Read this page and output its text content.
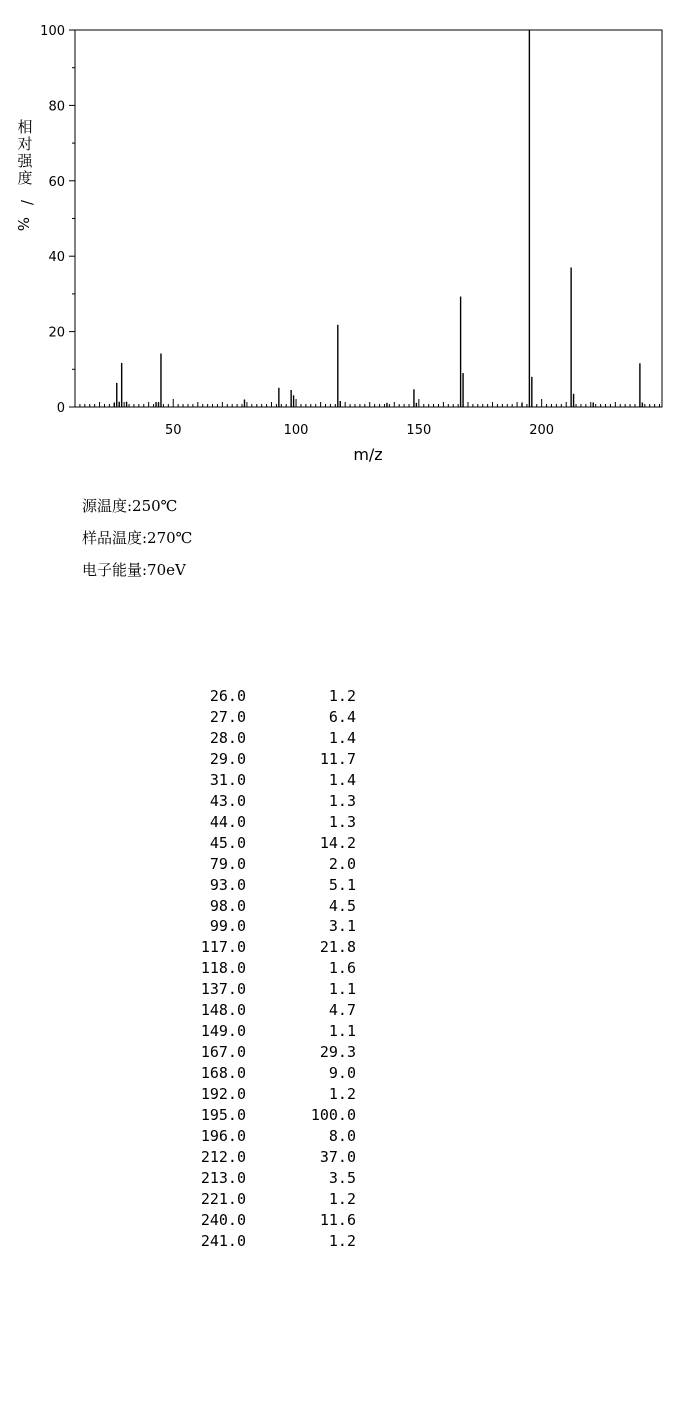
0
20
40
60
80
100
50	100	150	200
m/z
相对强度/ %
源温度:250℃
样品温度:270℃
电子能量:70eV
26.0	1.2
27.0	6.4
28.0	1.4
29.0	11.7
31.0	1.4
43.0	1.3
44.0	1.3
45.0	14.2
79.0	2.0
93.0	5.1
98.0	4.5
99.0	3.1
117.0	21.8
118.0	1.6
137.0	1.1
148.0	4.7
149.0	1.1
167.0	29.3
168.0	9.0
192.0	1.2
195.0	100.0
196.0	8.0
212.0	37.0
213.0	3.5
221.0	1.2
240.0	11.6
241.0	1.2
